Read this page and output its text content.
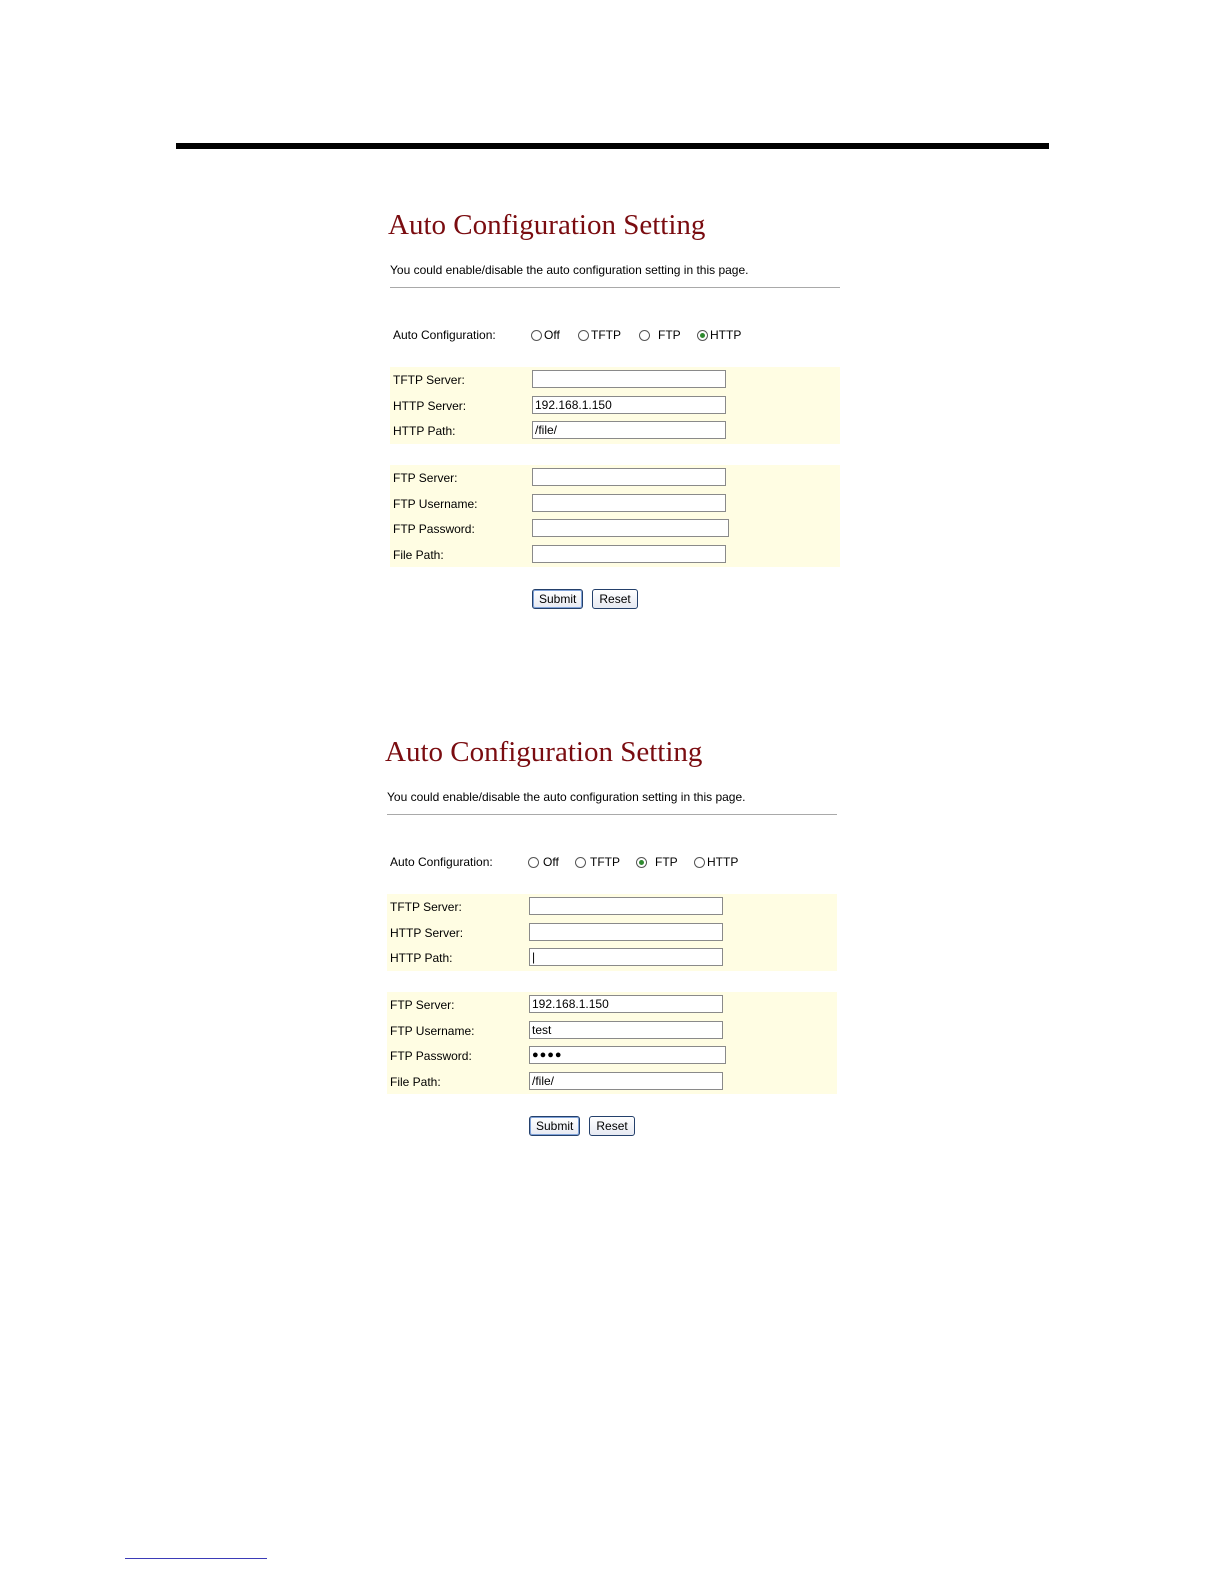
Auto Configuration Setting
You could enable/disable the auto configuration setting in this page.
Auto Configuration:	Off	TFTP	FTP HTTP
TFTP Server:
HTTP Server:	192.168.1.150
HTTP Path:	/file/
FTP Server:
FTP Username:
FTP Password:
File Path:
Submit	Reset
Auto Configuration Setting
You could enable/disable the auto configuration setting in this page.
Auto Configuration:	Off	TFTP	FTP HTTP
TFTP Server:
HTTP Server:
HTTP Path:	|
FTP Server:	192.168.1.150
FTP Username:	test
FTP Password:	●●●●
File Path:	/file/
Submit	Reset
